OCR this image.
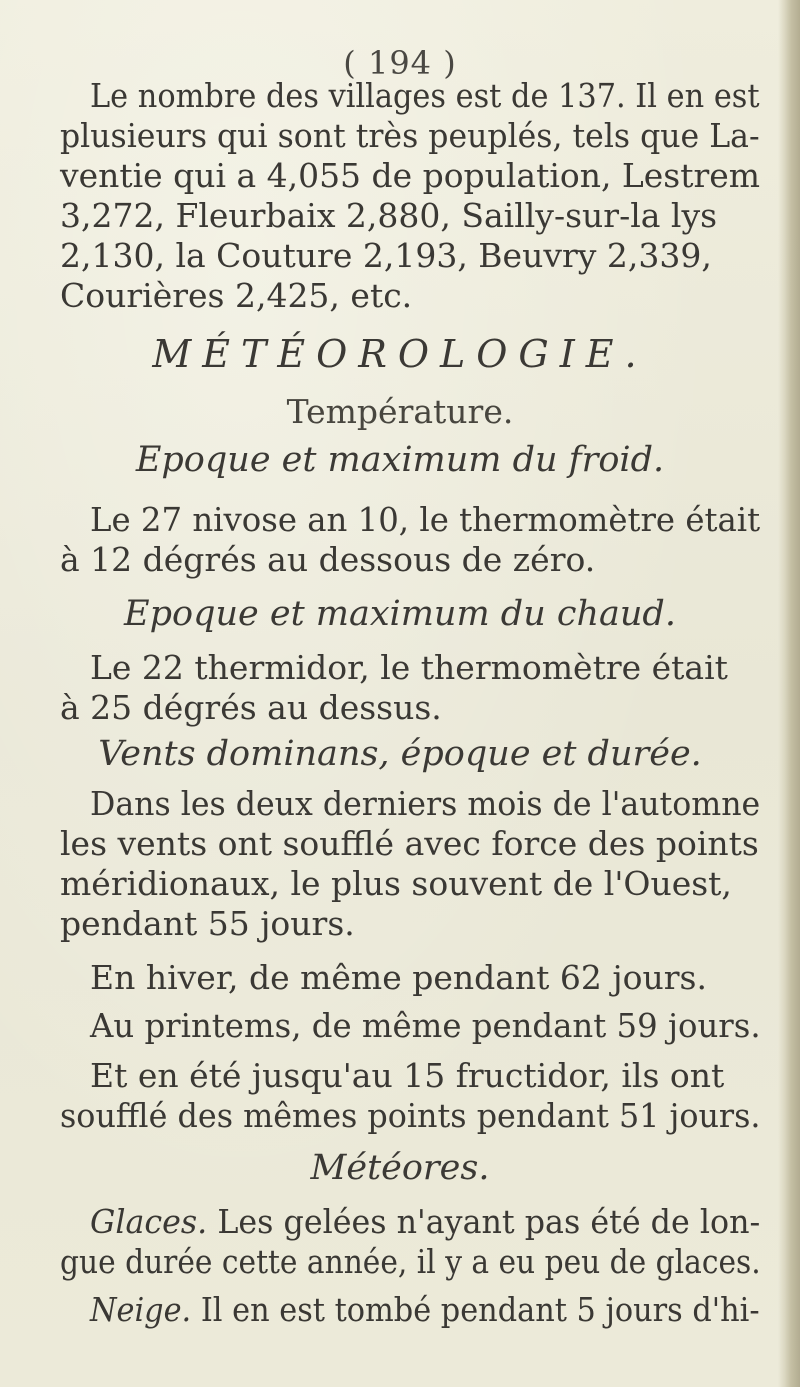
( 194 )
Le nombre des villages est de 137. Il en est
plusieurs qui sont très peuplés, tels que La-
ventie qui a 4,055 de population, Lestrem
3,272, Fleurbaix 2,880, Sailly-sur-la lys
2,130, la Couture 2,193, Beuvry 2,339,
Courières 2,425, etc.
MÉTÉOROLOGIE.
Température.
Epoque et maximum du froid.
Le 27 nivose an 10, le thermomètre était
à 12 dégrés au dessous de zéro.
Epoque et maximum du chaud.
Le 22 thermidor, le thermomètre était
à 25 dégrés au dessus.
Vents dominans, époque et durée.
Dans les deux derniers mois de l'automne
les vents ont soufflé avec force des points
méridionaux, le plus souvent de l'Ouest,
pendant 55 jours.
En hiver, de même pendant 62 jours.
Au printems, de même pendant 59 jours.
Et en été jusqu'au 15 fructidor, ils ont
soufflé des mêmes points pendant 51 jours.
Météores.
Glaces. Les gelées n'ayant pas été de lon-
gue durée cette année, il y a eu peu de glaces.
Neige. Il en est tombé pendant 5 jours d'hi-
